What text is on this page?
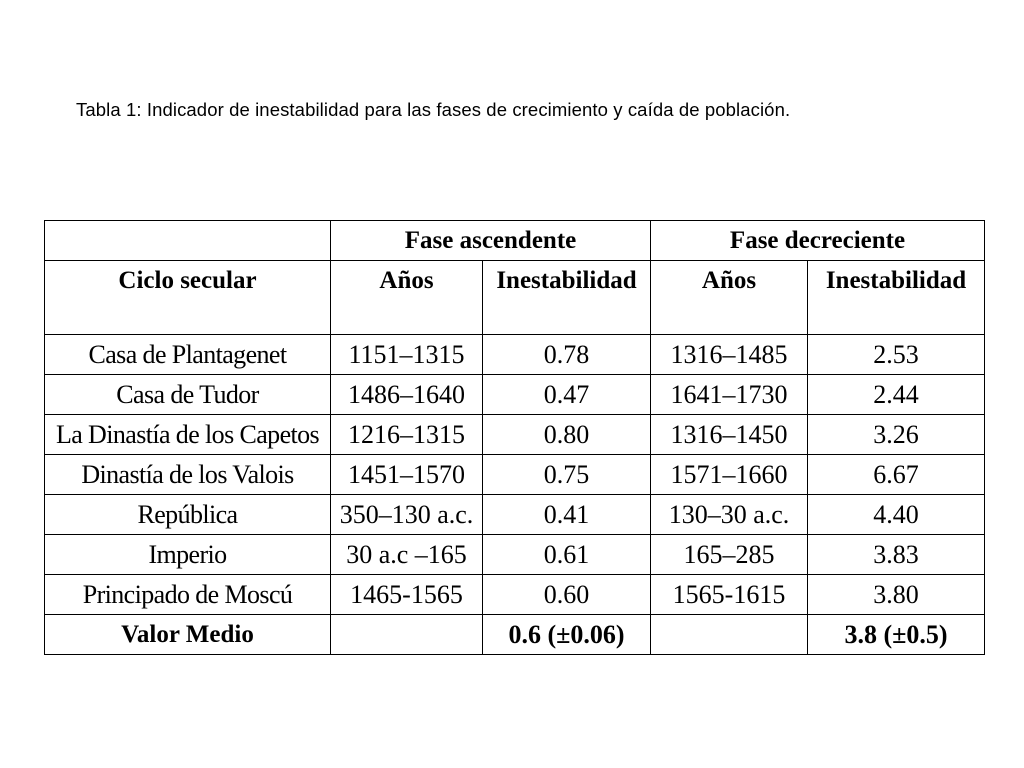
Tabla 1: Indicador de inestabilidad para las fases de crecimiento y caída de población.
	Fase ascendente		Fase decreciente	
Ciclo secular	Años	Inestabilidad	Años	Inestabilidad
Casa de Plantagenet	1151–1315	0.78	1316–1485	2.53
Casa de Tudor	1486–1640	0.47	1641–1730	2.44
La Dinastía de los Capetos	1216–1315	0.80	1316–1450	3.26
Dinastía de los Valois	1451–1570	0.75	1571–1660	6.67
República	350–130 a.c.	0.41	130–30 a.c.	4.40
Imperio	30 a.c –165	0.61	165–285	3.83
Principado de Moscú	1465-1565	0.60	1565-1615	3.80
Valor Medio		0.6 (±0.06)		3.8 (±0.5)
